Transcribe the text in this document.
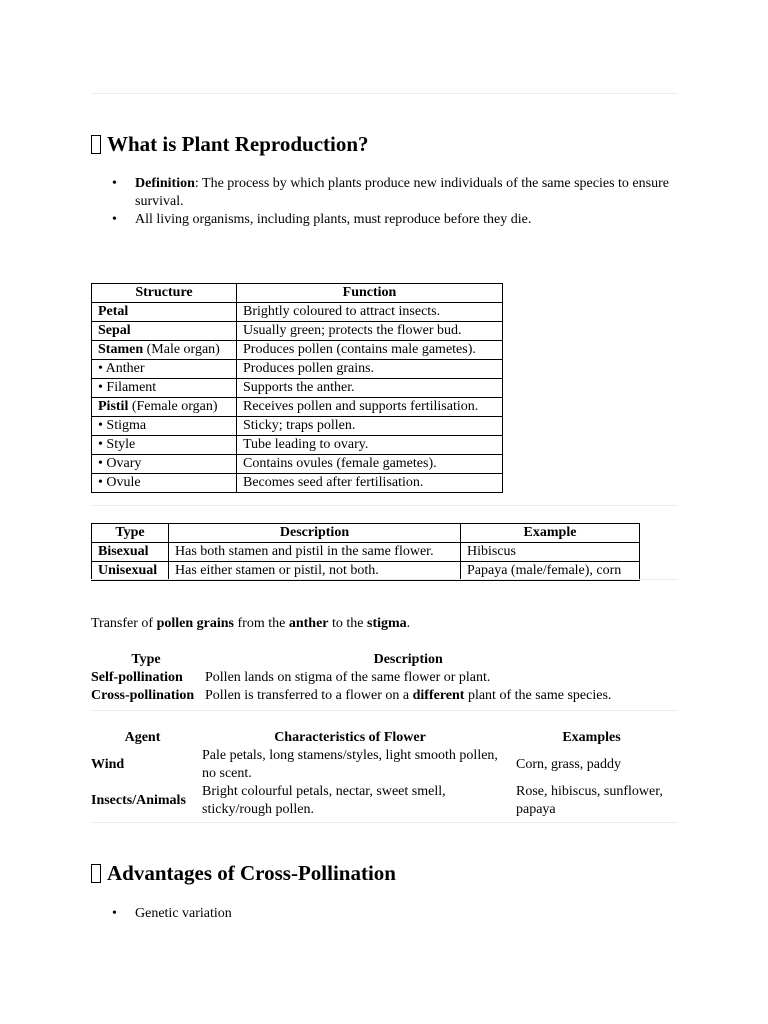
What is Plant Reproduction?
• Definition: The process by which plants produce new individuals of the same species to ensure survival.
• All living organisms, including plants, must reproduce before they die.
Structure	Function
Petal	Brightly coloured to attract insects.
Sepal	Usually green; protects the flower bud.
Stamen (Male organ)	Produces pollen (contains male gametes).
• Anther	Produces pollen grains.
• Filament	Supports the anther.
Pistil (Female organ)	Receives pollen and supports fertilisation.
• Stigma	Sticky; traps pollen.
• Style	Tube leading to ovary.
• Ovary	Contains ovules (female gametes).
• Ovule	Becomes seed after fertilisation.
Type	Description	Example
Bisexual	Has both stamen and pistil in the same flower.	Hibiscus
Unisexual	Has either stamen or pistil, not both.	Papaya (male/female), corn
Transfer of pollen grains from the anther to the stigma.
Type	Description
Self-pollination	Pollen lands on stigma of the same flower or plant.
Cross-pollination	Pollen is transferred to a flower on a different plant of the same species.
Agent	Characteristics of Flower	Examples
Wind	Pale petals, long stamens/styles, light smooth pollen, no scent.	Corn, grass, paddy
Insects/Animals	Bright colourful petals, nectar, sweet smell, sticky/rough pollen.	Rose, hibiscus, sunflower, papaya
Advantages of Cross-Pollination
• Genetic variation
